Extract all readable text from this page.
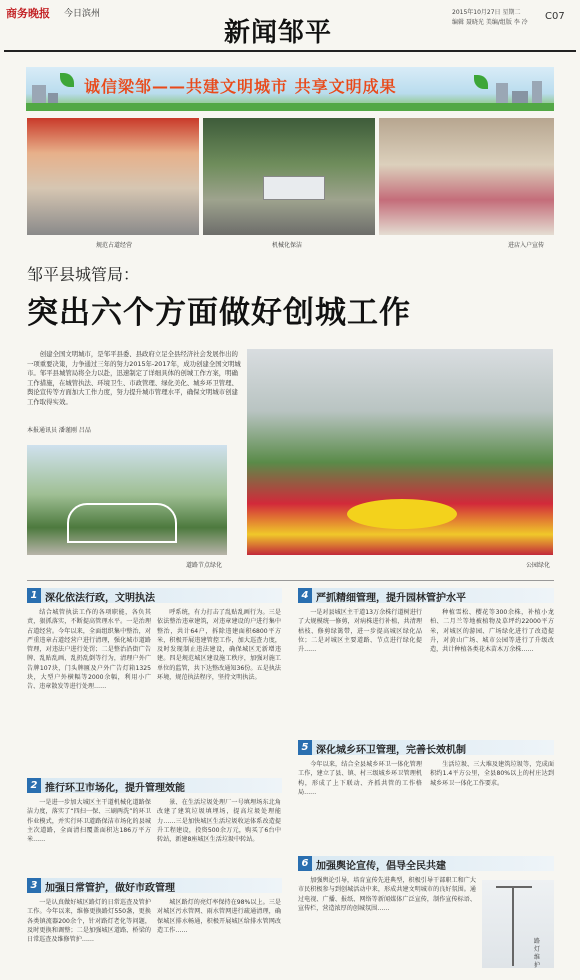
商务晚报 今日滨州
新闻邹平
2015年10月27日 星期二
编辑 聂晓光 美编/组版 李 冷
C07
诚信梁邹——共建文明城市 共享文明成果
规范占道经营	机械化保洁	进店入户宣传
邹平县城管局：
突出六个方面做好创城工作
创建全国文明城市，是邹平县委、县政府立足全县经济社会发展作出的一项重要决策，力争通过三年的努力2015年-2017年，成功创建全国文明城市。邹平县城管局将全力以赴，迅速制定了详细具体的创城工作方案，明确工作措施，在城管执法、环境卫生、市政管理、绿化美化、城乡环卫管理、舆论宣传等方面加大工作力度，努力提升城市管理水平，确保文明城市创建工作取得实效。
本报通讯员 潘谨刚 吕品
道路节点绿化	公园绿化
1 深化依法行政，文明执法
结合城管执法工作的各项职能，各负其责，狠抓落实，不断提高管理水平。一是治理占道经营。今年以来，全面组织集中整治，对严重违章占道经营户进行清理，强化城市道路管理，对违法户进行处罚；二是整治沿街广告牌、乱贴乱画、乱扔乱倒等行为，清理户外广告牌107块，门头牌匾及户外广告灯箱1325块，大型户外横幅等2000余幅，利用小广告、违章散发等进行处理……
呼系统，有力打击了乱贴乱画行为。三是依法整治违章建筑，对违章建设的户进行集中整治，共计64户，拆除违建面积6800平方米，积极开展违建管控工作，加大巡查力度，及时发现制止违法建设，确保城区无新增违建。四是规范城区建设施工秩序，加强对施工单位的监管，共下达整改通知36份。五是执法环境，规范执法程序，坚持文明执法。
2 推行环卫市场化，提升管理效能
一是进一步加大城区主干道机械化道路保洁力度，落实了“四扫一保、三刷两洗”的环卫作业模式，并实行环卫道路保洁市场化的县城主次道路，全面清扫覆盖面积达186万平方米……
景、在生活垃圾处理厂一号填埋场东北角改建了建筑垃圾填埋场，提高垃圾处理能力……三是加快城区生活垃圾收运体系改造提升工程建设，投资500余万元，购买了6台中转站，新建8座城区生活垃圾中转站。
3 加强日常管护，做好市政管理
一是认真做好城区路灯的日常巡查及管护工作。今年以来，维修更换路灯550盏，更换各类镇流器200余个，针对路灯老化等问题，及时更换和调整；二是加强城区道路、桥梁的日常巡查及维修管护……
城区路灯的亮灯率保持在98%以上。三是对城区污水管网、雨水管网进行疏通清理，确保城区排水畅通，积极开展城区给排水管网改造工作……
4 严抓精细管理，提升园林管护水平
一是对县城区主干道13万余株行道树进行了大规模统一修剪，对病株进行补植，共清理枯枝、修剪绿篱带，进一步提高城区绿化品位；二是对城区主要道路、节点进行绿化提升……
种植雪松、樱花等300余株，补植小龙柏、二月兰等地被植物及草坪约22000平方米，对城区的游园、广场绿化进行了改造提升，对黄山广场、城市公园等进行了升级改造，共计种植各类花木苗木万余株……
5 深化城乡环卫管理，完善长效机制
今年以来，结合全县城乡环卫一体化管理工作，建立了县、镇、村三级城乡环卫管理机构，形成了上下联动、齐抓共管的工作格局……
生活垃圾、三大堆及建筑垃圾等，完成面积约1.4平方公里，全县80%以上的村庄达到城乡环卫一体化工作要求。
6 加强舆论宣传，倡导全民共建
加强舆论引导，培育宣传先进典型，积极引导干部职工和广大市民积极参与到创城活动中来，形成共建文明城市的良好氛围。通过电视、广播、报纸、网络等新闻媒体广泛宣传，制作宣传标语、宣传栏，营造浓厚的创城氛围……
路灯维护
